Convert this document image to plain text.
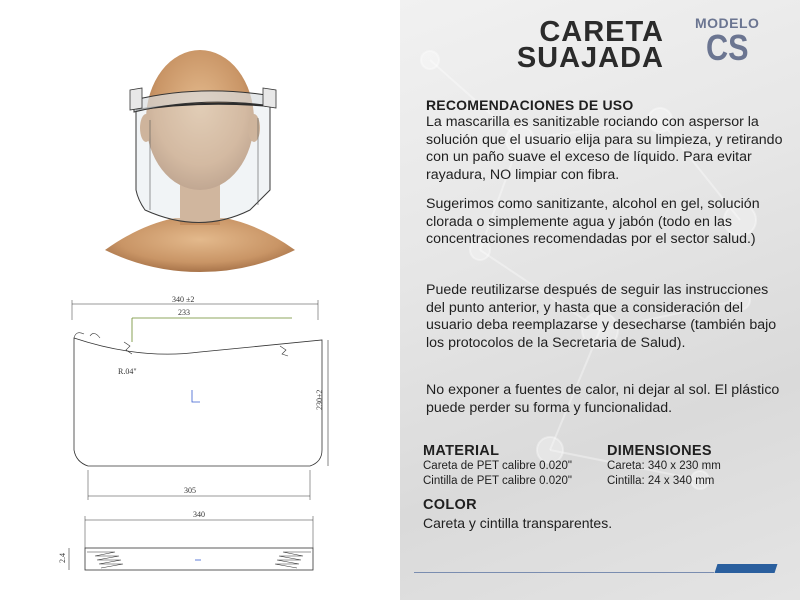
340 ±2
233
R.04"
230±2
305
340
2.4
CARETA
SUAJADA
MODELO
CS
RECOMENDACIONES DE USO
La mascarilla es sanitizable rociando con aspersor la solución que el usuario elija para su limpieza, y retirando con un paño suave el exceso de líquido. Para evitar rayadura, NO limpiar con fibra.
Sugerimos como sanitizante, alcohol en gel, solución clorada o simplemente agua y jabón (todo en las concentraciones recomendadas por el sector salud.)
Puede reutilizarse después de seguir las instrucciones del punto anterior, y hasta que a consideración del usuario deba reemplazarse y desecharse (también bajo los protocolos de la Secretaria de Salud).
No exponer a fuentes de calor, ni dejar al sol. El plástico puede perder su forma y funcionalidad.
MATERIAL
Careta de PET calibre 0.020"
Cintilla de PET calibre 0.020"
DIMENSIONES
Careta: 340 x 230 mm
Cintilla: 24 x 340 mm
COLOR
Careta y cintilla transparentes.
